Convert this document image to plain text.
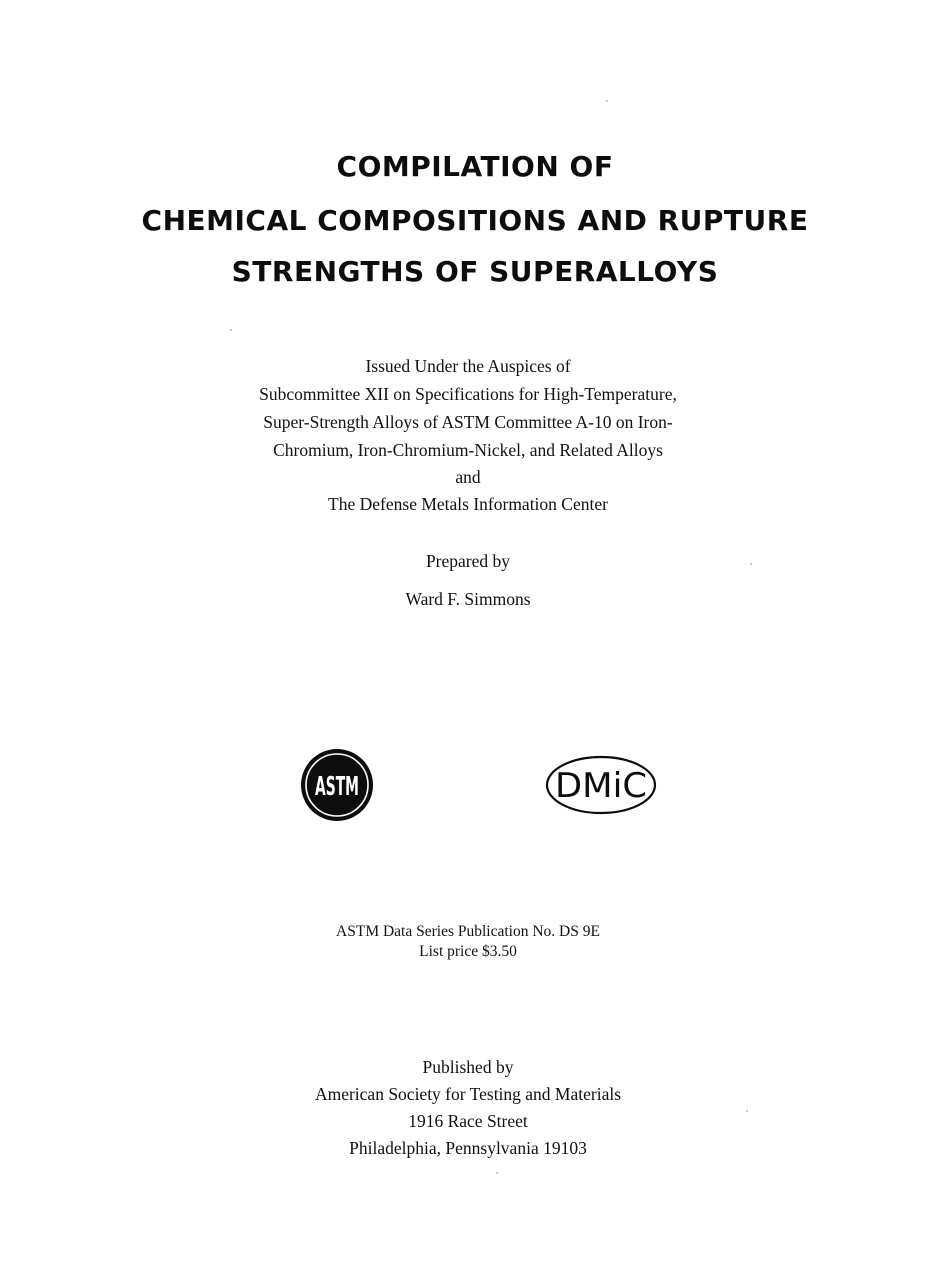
COMPILATION OF
CHEMICAL COMPOSITIONS AND RUPTURE
STRENGTHS OF SUPERALLOYS
Issued Under the Auspices of
Subcommittee XII on Specifications for High-Temperature,
Super-Strength Alloys of ASTM Committee A-10 on Iron-
Chromium, Iron-Chromium-Nickel, and Related Alloys
and
The Defense Metals Information Center
Prepared by
Ward F. Simmons
ASTM	DMiC
ASTM Data Series Publication No. DS 9E
List price $3.50
Published by
American Society for Testing and Materials
1916 Race Street
Philadelphia, Pennsylvania 19103
